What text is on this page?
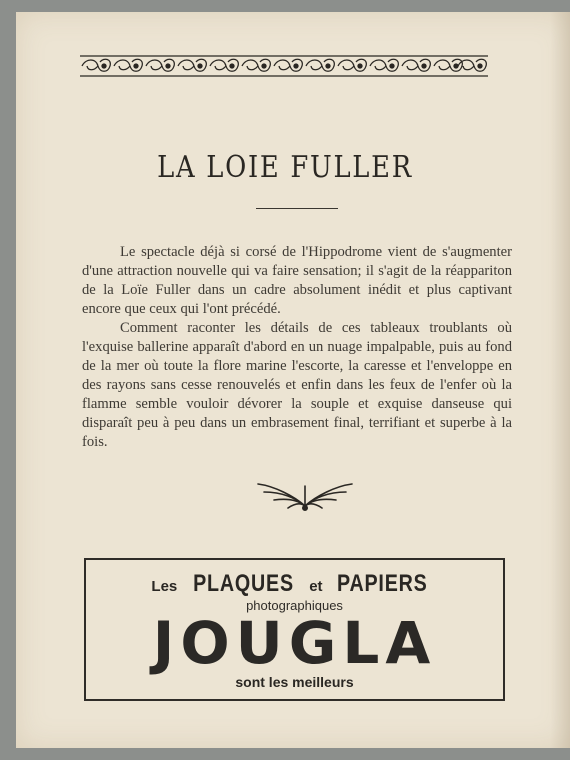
LA LOIE FULLER

Le spectacle déjà si corsé de l'Hippodrome vient de s'augmenter d'une attraction nouvelle qui va faire sensation; il s'agit de la réappariton de la Loïe Fuller dans un cadre absolument inédit et plus captivant encore que ceux qui l'ont précédé.

Comment raconter les détails de ces tableaux troublants où l'exquise ballerine apparaît d'abord en un nuage impalpable, puis au fond de la mer où toute la flore marine l'escorte, la caresse et l'enveloppe en des rayons sans cesse renouvelés et enfin dans les feux de l'enfer où la flamme semble vouloir dévorer la souple et exquise danseuse qui disparaît peu à peu dans un embrasement final, terrifiant et superbe à la fois.

Les PLAQUES et PAPIERS
photographiques
JOUGLA
sont les meilleurs
